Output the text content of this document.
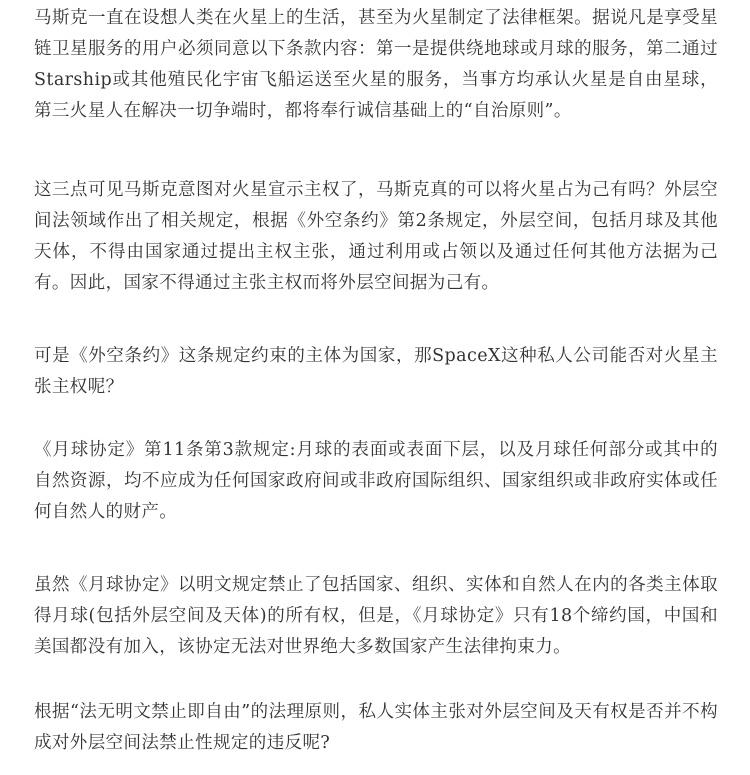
马斯克一直在设想人类在火星上的生活，甚至为火星制定了法律框架。据说凡是享受星链卫星服务的用户必须同意以下条款内容：第一是提供绕地球或月球的服务，第二通过Starship或其他殖民化宇宙飞船运送至火星的服务，当事方均承认火星是自由星球，第三火星人在解决一切争端时，都将奉行诚信基础上的“自治原则”。

这三点可见马斯克意图对火星宣示主权了，马斯克真的可以将火星占为己有吗？外层空间法领域作出了相关规定，根据《外空条约》第2条规定，外层空间，包括月球及其他天体，不得由国家通过提出主权主张，通过利用或占领以及通过任何其他方法据为己有。因此，国家不得通过主张主权而将外层空间据为己有。

可是《外空条约》这条规定约束的主体为国家，那SpaceX这种私人公司能否对火星主张主权呢？

《月球协定》第11条第3款规定:月球的表面或表面下层，以及月球任何部分或其中的自然资源，均不应成为任何国家政府间或非政府国际组织、国家组织或非政府实体或任何自然人的财产。

虽然《月球协定》以明文规定禁止了包括国家、组织、实体和自然人在内的各类主体取得月球(包括外层空间及天体)的所有权，但是，《月球协定》只有18个缔约国，中国和美国都没有加入，该协定无法对世界绝大多数国家产生法律拘束力。

根据“法无明文禁止即自由”的法理原则，私人实体主张对外层空间及天有权是否并不构成对外层空间法禁止性规定的违反呢?
